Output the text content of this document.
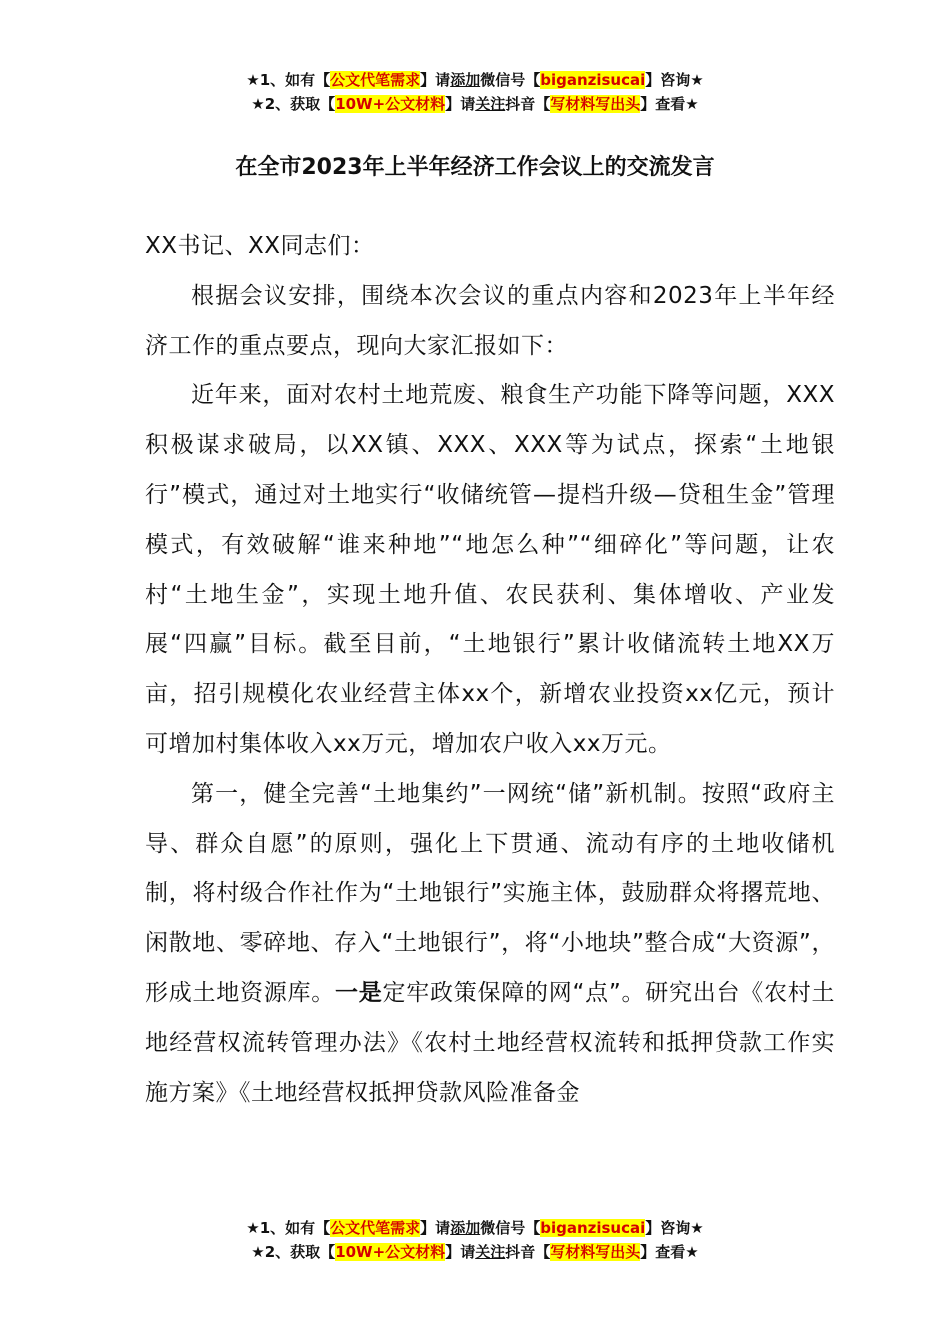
★1、如有【公文代笔需求】请添加微信号【biganzisucai】咨询★
★2、获取【10W+公文材料】请关注抖音【写材料写出头】查看★
在全市2023年上半年经济工作会议上的交流发言

XX书记、XX同志们：

根据会议安排，围绕本次会议的重点内容和2023年上半年经济工作的重点要点，现向大家汇报如下：

近年来，面对农村土地荒废、粮食生产功能下降等问题，XXX积极谋求破局，以XX镇、XXX、XXX等为试点，探索“土地银行”模式，通过对土地实行“收储统管—提档升级—贷租生金”管理模式，有效破解“谁来种地”“地怎么种”“细碎化”等问题，让农村“土地生金”，实现土地升值、农民获利、集体增收、产业发展“四赢”目标。截至目前，“土地银行”累计收储流转土地XX万亩，招引规模化农业经营主体xx个，新增农业投资xx亿元，预计可增加村集体收入xx万元，增加农户收入xx万元。

第一，健全完善“土地集约”一网统“储”新机制。按照“政府主导、群众自愿”的原则，强化上下贯通、流动有序的土地收储机制，将村级合作社作为“土地银行”实施主体，鼓励群众将撂荒地、闲散地、零碎地、存入“土地银行”，将“小地块”整合成“大资源”，形成土地资源库。一是定牢政策保障的网“点”。研究出台《农村土地经营权流转管理办法》《农村土地经营权流转和抵押贷款工作实施方案》《土地经营权抵押贷款风险准备金

★1、如有【公文代笔需求】请添加微信号【biganzisucai】咨询★
★2、获取【10W+公文材料】请关注抖音【写材料写出头】查看★
